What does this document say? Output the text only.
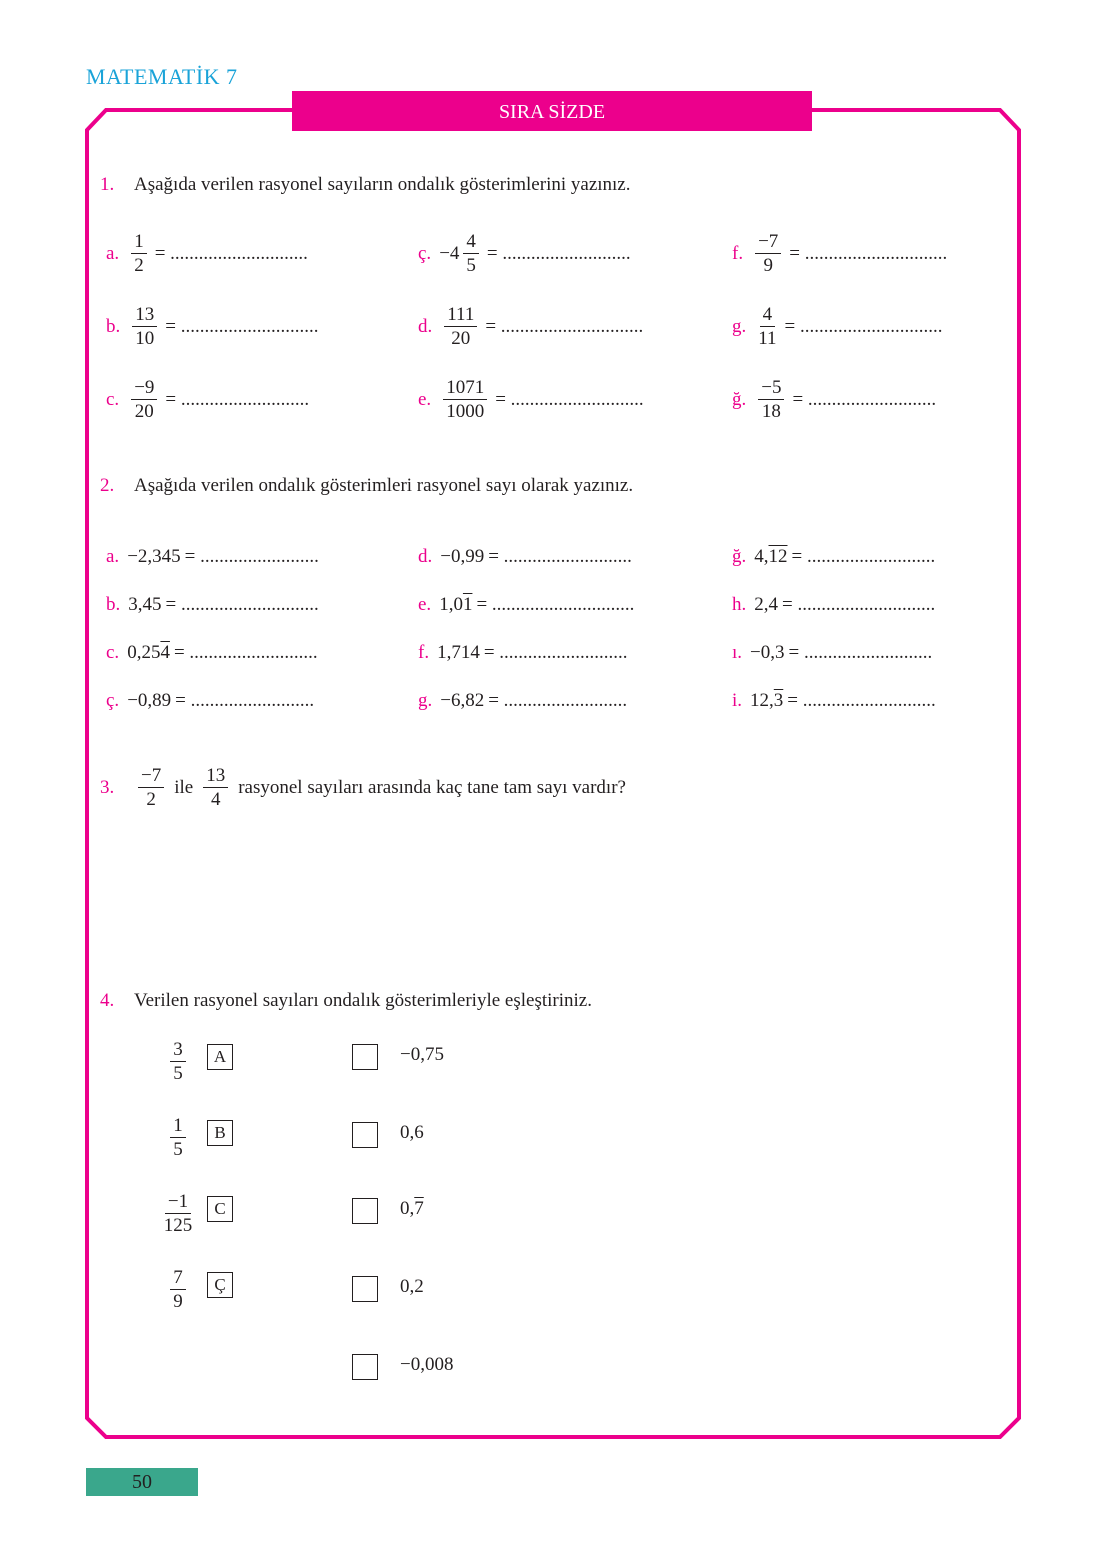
MATEMATİK 7
SIRA SİZDE
1. Aşağıda verilen rasyonel sayıların ondalık gösterimlerini yazınız.
a. $\frac{1}{2}$ = .............................	ç. $-4 \frac{4}{5}$ = ...........................	f. $\frac{-7}{9}$ = ..............................
b. $\frac{13}{10}$ = .............................	d. $\frac{111}{20}$ = ..............................	g. $\frac{4}{11}$ = ..............................
c. $\frac{-9}{20}$ = ...........................	e. $\frac{1071}{1000}$ = ............................	ğ. $\frac{-5}{18}$ = ...........................
2. Aşağıda verilen ondalık gösterimleri rasyonel sayı olarak yazınız.
a. −2,345 = .........................	d. −0,99 = ...........................	ğ. 4, 12 = ...........................
b. 3,45 = .............................	e. 1,0 1 = ..............................	h. 2,4 = .............................
c. 0,25 4 = ...........................	f. 1,714 = ...........................	ı. −0,3 = ...........................
ç. −0,89 = ..........................	g. −6,82 = ..........................	i. 12, 3 = ............................
3.	$\frac{-7}{2}$ ile $\frac{13}{4}$ rasyonel sayıları arasında kaç tane tam sayı vardır?
4. Verilen rasyonel sayıları ondalık gösterimleriyle eşleştiriniz.
$\frac{3}{5}$ A
$\frac{1}{5}$ B
$\frac{-1}{125}$ C
$\frac{7}{9}$ Ç
−0,75
0,6
0, 7
0,2
−0,008
50
